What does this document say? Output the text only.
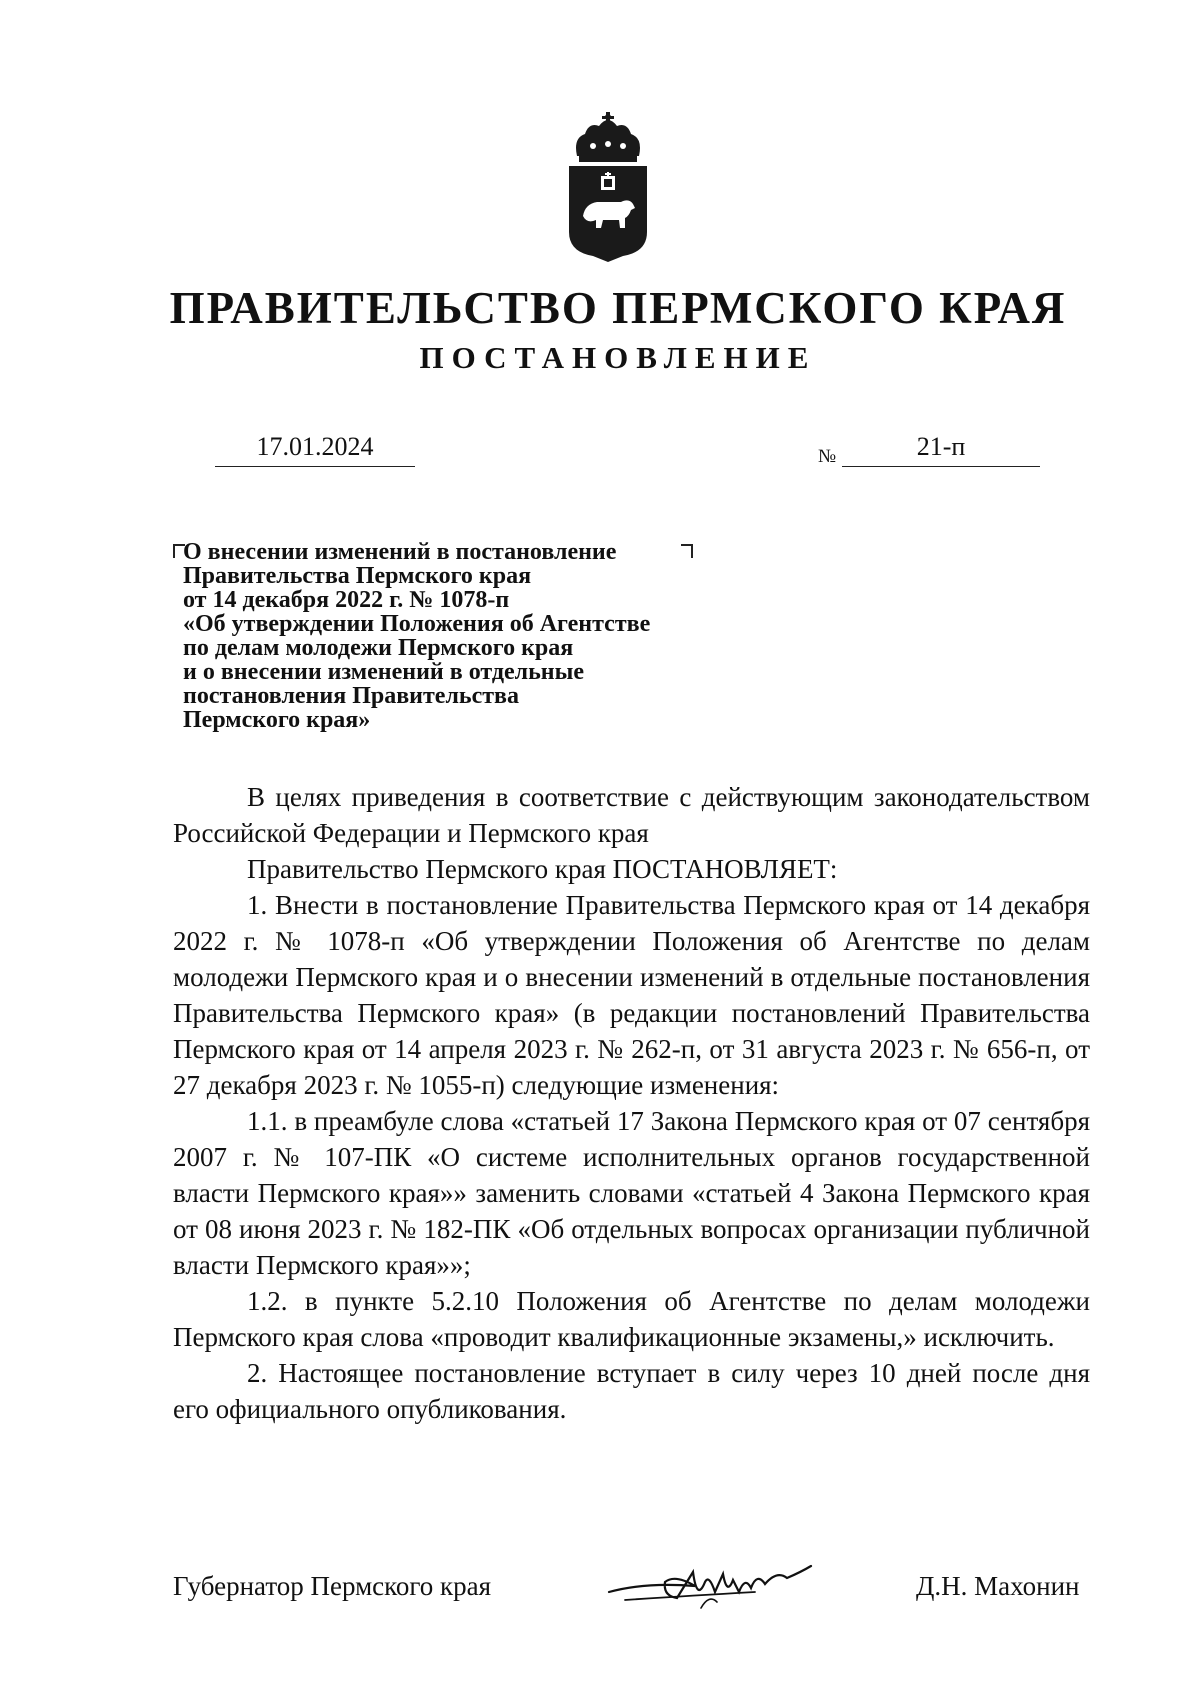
ПРАВИТЕЛЬСТВО ПЕРМСКОГО КРАЯ
ПОСТАНОВЛЕНИЕ
17.01.2024	№	21-п
О внесении изменений в постановление
Правительства Пермского края
от 14 декабря 2022 г. № 1078-п
«Об утверждении Положения об Агентстве
по делам молодежи Пермского края
и о внесении изменений в отдельные
постановления Правительства
Пермского края»

В целях приведения в соответствие с действующим законодательством Российской Федерации и Пермского края

Правительство Пермского края ПОСТАНОВЛЯЕТ:

1. Внести в постановление Правительства Пермского края от 14 декабря 2022 г. № 1078-п «Об утверждении Положения об Агентстве по делам молодежи Пермского края и о внесении изменений в отдельные постановления Правительства Пермского края» (в редакции постановлений Правительства Пермского края от 14 апреля 2023 г. № 262-п, от 31 августа 2023 г. № 656-п, от 27 декабря 2023 г. № 1055-п) следующие изменения:

1.1. в преамбуле слова «статьей 17 Закона Пермского края от 07 сентября 2007 г. № 107-ПК «О системе исполнительных органов государственной власти Пермского края»» заменить словами «статьей 4 Закона Пермского края от 08 июня 2023 г. № 182-ПК «Об отдельных вопросах организации публичной власти Пермского края»»;

1.2. в пункте 5.2.10 Положения об Агентстве по делам молодежи Пермского края слова «проводит квалификационные экзамены,» исключить.

2. Настоящее постановление вступает в силу через 10 дней после дня его официального опубликования.

Губернатор Пермского края	Д.Н. Махонин
